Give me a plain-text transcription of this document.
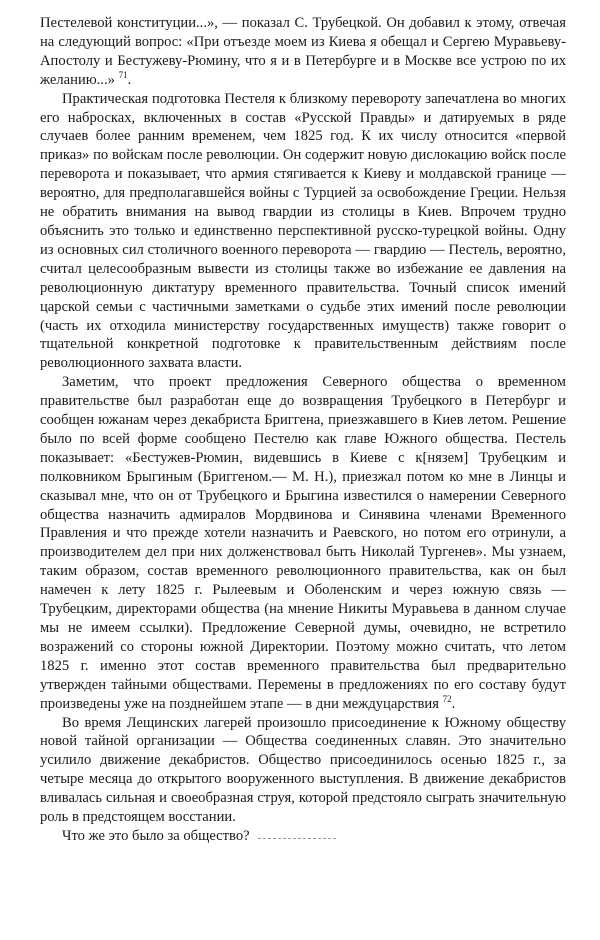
Пестелевой конституции...», — показал С. Трубецкой. Он добавил к этому, отвечая на следующий вопрос: «При отъезде моем из Киева я обещал и Сергею Муравьеву-Апостолу и Бестужеву-Рюмину, что я и в Петербурге и в Москве все устрою по их желанию...» $^{71}$.

Практическая подготовка Пестеля к близкому перевороту запечатлена во многих его набросках, включенных в состав «Русской Правды» и датируемых в ряде случаев более ранним временем, чем 1825 год. К их числу относится «первой приказ» по войскам после революции. Он содержит новую дислокацию войск после переворота и показывает, что армия стягивается к Киеву и молдавской границе — вероятно, для предполагавшейся войны с Турцией за освобождение Греции. Нельзя не обратить внимания на вывод гвардии из столицы в Киев. Впрочем трудно объяснить это только и единственно перспективной русско-турецкой войны. Одну из основных сил столичного военного переворота — гвардию — Пестель, вероятно, считал целесообразным вывести из столицы также во избежание ее давления на революционную диктатуру временного правительства. Точный список имений царской семьи с частичными заметками о судьбе этих имений после революции (часть их отходила министерству государственных имуществ) также говорит о тщательной конкретной подготовке к правительственным действиям после революционного захвата власти.

Заметим, что проект предложения Северного общества о временном правительстве был разработан еще до возвращения Трубецкого в Петербург и сообщен южанам через декабриста Бриггена, приезжавшего в Киев летом. Решение было по всей форме сообщено Пестелю как главе Южного общества. Пестель показывает: «Бестужев-Рюмин, видевшись в Киеве с к[нязем] Трубецким и полковником Брыгиным (Бриггеном.— М. Н.), приезжал потом ко мне в Линцы и сказывал мне, что он от Трубецкого и Брыгина известился о намерении Северного общества назначить адмиралов Мордвинова и Синявина членами Временного Правления и что прежде хотели назначить и Раевского, но потом его отринули, а производителем дел при них долженствовал быть Николай Тургенев». Мы узнаем, таким образом, состав временного революционного правительства, как он был намечен к лету 1825 г. Рылеевым и Оболенским и через южную связь — Трубецким, директорами общества (на мнение Никиты Муравьева в данном случае мы не имеем ссылки). Предложение Северной думы, очевидно, не встретило возражений со стороны южной Директории. Поэтому можно считать, что летом 1825 г. именно этот состав временного правительства был предварительно утвержден тайными обществами. Перемены в предложениях по его составу будут произведены уже на позднейшем этапе — в дни междуцарствия $^{72}$.

Во время Лещинских лагерей произошло присоединение к Южному обществу новой тайной организации — Общества соединенных славян. Это значительно усилило движение декабристов. Общество присоединилось осенью 1825 г., за четыре месяца до открытого вооруженного выступления. В движение декабристов вливалась сильная и своеобразная струя, которой предстояло сыграть значительную роль в предстоящем восстании.

Что же это было за общество?
